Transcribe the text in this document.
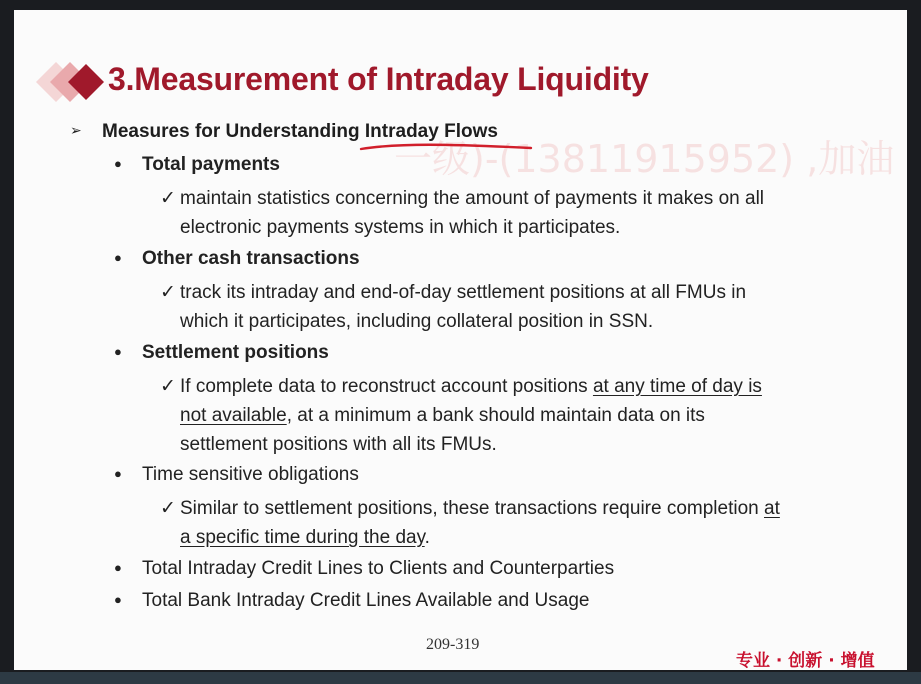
3.Measurement of Intraday Liquidity
一级)-(13811915952) ,加油
➢ Measures for Understanding Intraday Flows
● Total payments
✓ maintain statistics concerning the amount of payments it makes on all
electronic payments systems in which it participates.
● Other cash transactions
✓ track its intraday and end-of-day settlement positions at all FMUs in
which it participates, including collateral position in SSN.
● Settlement positions
✓ If complete data to reconstruct account positions at any time of day is
not available, at a minimum a bank should maintain data on its
settlement positions with all its FMUs.
● Time sensitive obligations
✓ Similar to settlement positions, these transactions require completion at
a specific time during the day.
● Total Intraday Credit Lines to Clients and Counterparties
● Total Bank Intraday Credit Lines Available and Usage
209-319
专业 · 创新 · 增值
